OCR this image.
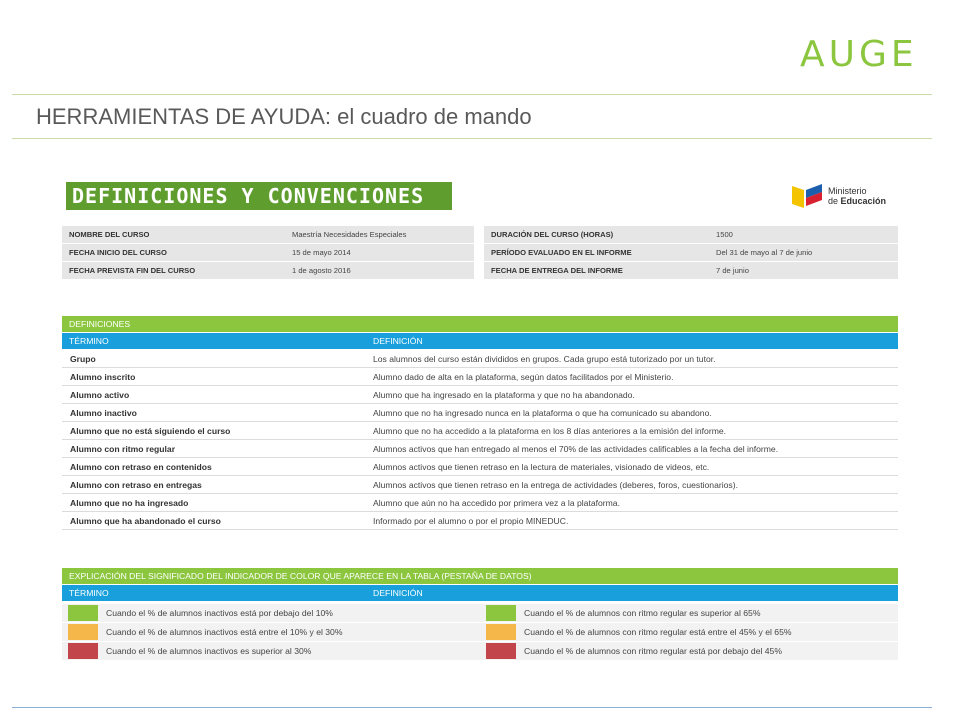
AUGE
HERRAMIENTAS DE AYUDA: el cuadro de mando
DEFINICIONES Y CONVENCIONES	Ministerio
de Educación
NOMBRE DEL CURSO	Maestría Necesidades Especiales
FECHA INICIO DEL CURSO	15 de mayo 2014
FECHA PREVISTA FIN DEL CURSO	1 de agosto 2016
DURACIÓN DEL CURSO (HORAS)	1500
PERÍODO EVALUADO EN EL INFORME	Del 31 de mayo al 7 de junio
FECHA DE ENTREGA DEL INFORME	7 de junio
DEFINICIONES
TÉRMINO	DEFINICIÓN
Grupo	Los alumnos del curso están divididos en grupos. Cada grupo está tutorizado por un tutor.
Alumno inscrito	Alumno dado de alta en la plataforma, según datos facilitados por el Ministerio.
Alumno activo	Alumno que ha ingresado en la plataforma y que no ha abandonado.
Alumno inactivo	Alumno que no ha ingresado nunca en la plataforma o que ha comunicado su abandono.
Alumno que no está siguiendo el curso	Alumno que no ha accedido a la plataforma en los 8 días anteriores a la emisión del informe.
Alumno con ritmo regular	Alumnos activos que han entregado al menos el 70% de las actividades calificables a la fecha del informe.
Alumno con retraso en contenidos	Alumnos activos que tienen retraso en la lectura de materiales, visionado de videos, etc.
Alumno con retraso en entregas	Alumnos activos que tienen retraso en la entrega de actividades (deberes, foros, cuestionarios).
Alumno que no ha ingresado	Alumno que aún no ha accedido por primera vez a la plataforma.
Alumno que ha abandonado el curso	Informado por el alumno o por el propio MINEDUC.
EXPLICACIÓN DEL SIGNIFICADO DEL INDICADOR DE COLOR QUE APARECE EN LA TABLA (PESTAÑA DE DATOS)
TÉRMINO	DEFINICIÓN
Cuando el % de alumnos inactivos está por debajo del 10%	Cuando el % de alumnos con ritmo regular es superior al 65%
Cuando el % de alumnos inactivos está entre el 10% y el 30%	Cuando el % de alumnos con ritmo regular está entre el 45% y el 65%
Cuando el % de alumnos inactivos es superior al 30%	Cuando el % de alumnos con ritmo regular está por debajo del 45%
